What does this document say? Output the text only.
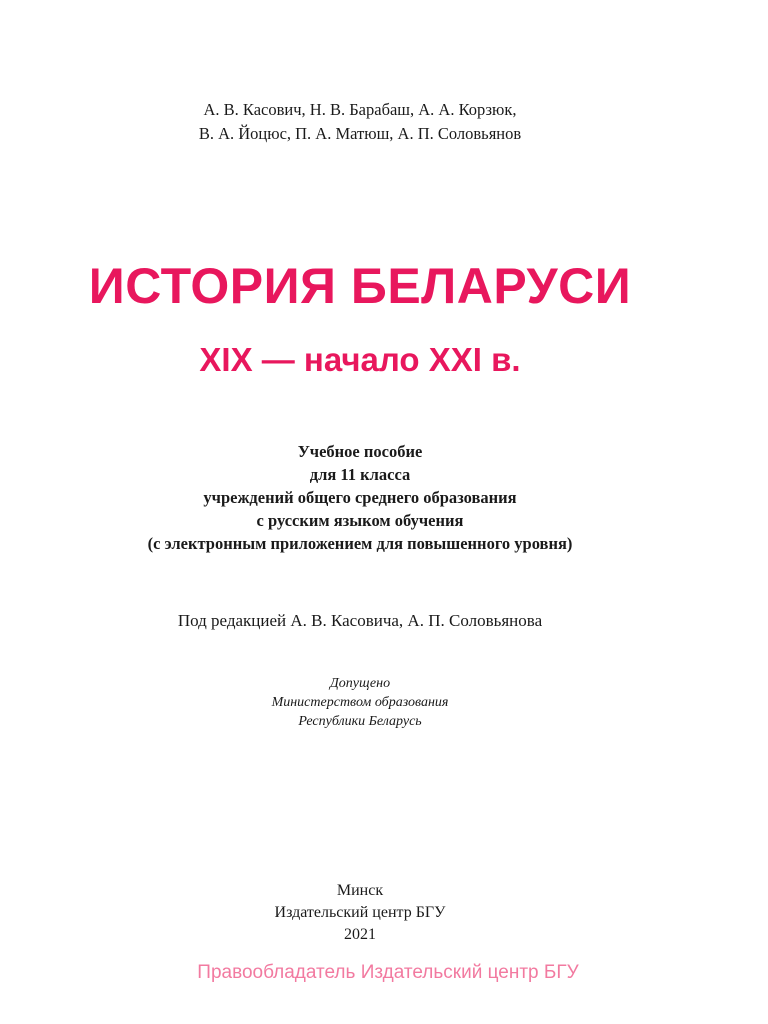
А. В. Касович, Н. В. Барабаш, А. А. Корзюк,
В. А. Йоцюс, П. А. Матюш, А. П. Соловьянов
ИСТОРИЯ БЕЛАРУСИ
XIX — начало XXI в.
Учебное пособие
для 11 класса
учреждений общего среднего образования
с русским языком обучения
(с электронным приложением для повышенного уровня)
Под редакцией А. В. Касовича, А. П. Соловьянова
Допущено
Министерством образования
Республики Беларусь
Минск
Издательский центр БГУ
2021
Правообладатель Издательский центр БГУ
